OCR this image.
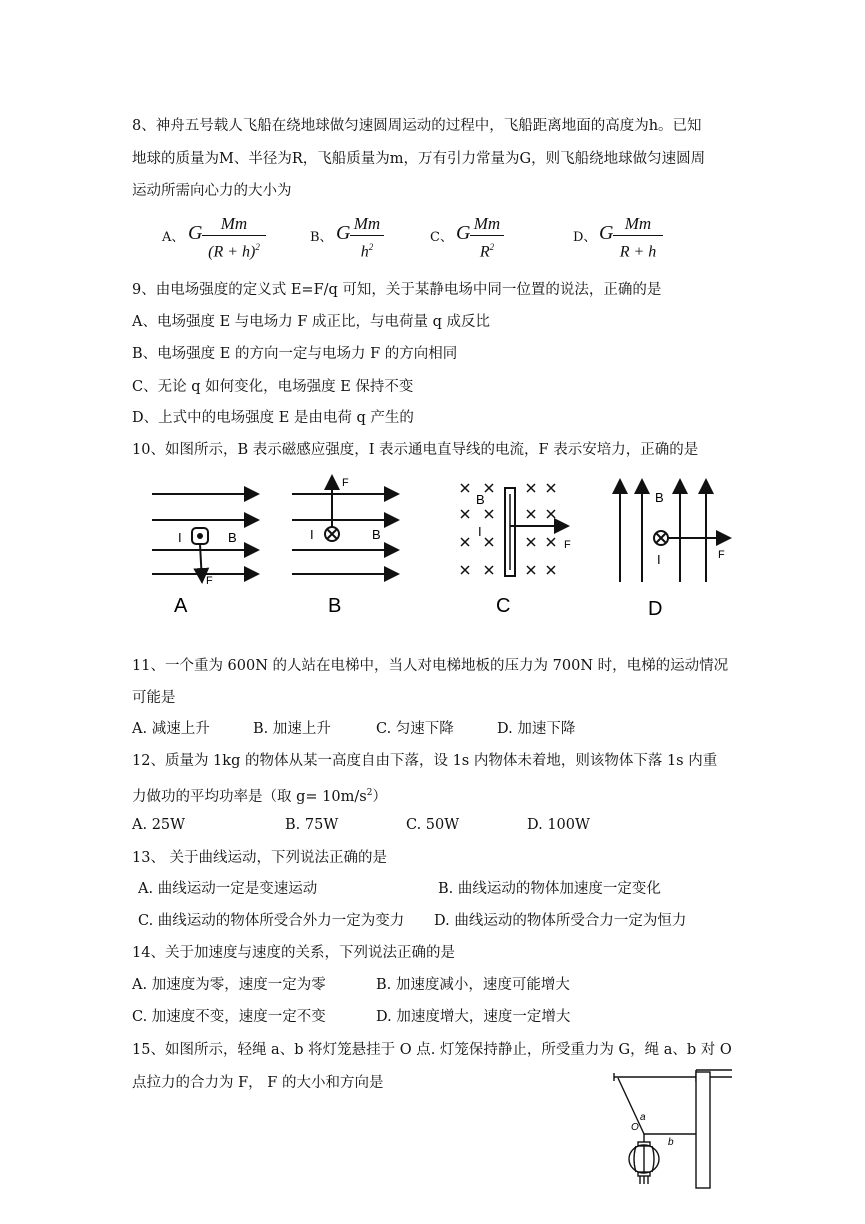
8、神舟五号载人飞船在绕地球做匀速圆周运动的过程中，飞船距离地面的高度为h。已知
地球的质量为M、半径为R，飞船质量为m，万有引力常量为G，则飞船绕地球做匀速圆周
运动所需向心力的大小为
A、 G	Mm
$(R + h)^2$
B、 G Mm
$h^2$
C、 G Mm
$R^2$
D、 G Mm
R + h
9、由电场强度的定义式 E=F/q 可知，关于某静电场中同一位置的说法，正确的是
A、电场强度 E 与电场力 F 成正比，与电荷量 q 成反比
B、电场强度 E 的方向一定与电场力 F 的方向相同
C、无论 q 如何变化，电场强度 E 保持不变
D、上式中的电场强度 E 是由电荷 q 产生的
10、如图所示，B 表示磁感应强度，I 表示通电直导线的电流，F 表示安培力，正确的是
I	B
F
A
I	B
F
B
B
I
F
C
B
I	F
D
11、一个重为 600N 的人站在电梯中，当人对电梯地板的压力为 700N 时，电梯的运动情况
可能是
A. 减速上升	B. 加速上升	C. 匀速下降	D. 加速下降
12、质量为 1kg 的物体从某一高度自由下落，设 1s 内物体未着地，则该物体下落 1s 内重
力做功的平均功率是（取 $g= 10m/s^2$）
A. 25W	B. 75W	C. 50W	D. 100W
13、 关于曲线运动，下列说法正确的是
A. 曲线运动一定是变速运动	B. 曲线运动的物体加速度一定变化
C. 曲线运动的物体所受合外力一定为变力 D. 曲线运动的物体所受合力一定为恒力
14、关于加速度与速度的关系，下列说法正确的是
A. 加速度为零，速度一定为零	B. 加速度减小，速度可能增大
C. 加速度不变，速度一定不变	D. 加速度增大，速度一定增大
15、如图所示，轻绳 a、b 将灯笼悬挂于 O 点. 灯笼保持静止，所受重力为 G，绳 a、b 对 O
点拉力的合力为 F， F 的大小和方向是
a
b
O
